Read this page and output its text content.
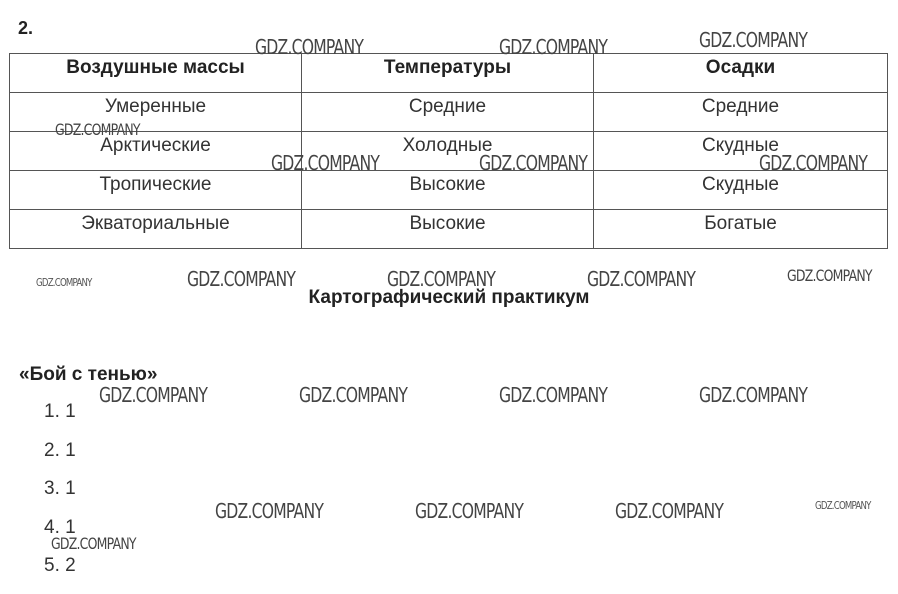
2.
Воздушные массы	Температуры	Осадки
Умеренные	Средние	Средние
Арктические	Холодные	Скудные
Тропические	Высокие	Скудные
Экваториальные	Высокие	Богатые
Картографический практикум
«Бой с тенью»
1. 1
2. 1
3. 1
4. 1
5. 2
GDZ.COMPANY	GDZ.COMPANY	GDZ.COMPANY
GDZ.COMPANY
GDZ.COMPANY	GDZ.COMPANY	GDZ.COMPANY
GDZ.COMPANY	GDZ.COMPANY	GDZ.COMPANY	GDZ.COMPANY	GDZ.COMPANY
GDZ.COMPANY	GDZ.COMPANY	GDZ.COMPANY	GDZ.COMPANY
GDZ.COMPANY	GDZ.COMPANY	GDZ.COMPANY	GDZ.COMPANY
GDZ.COMPANY
